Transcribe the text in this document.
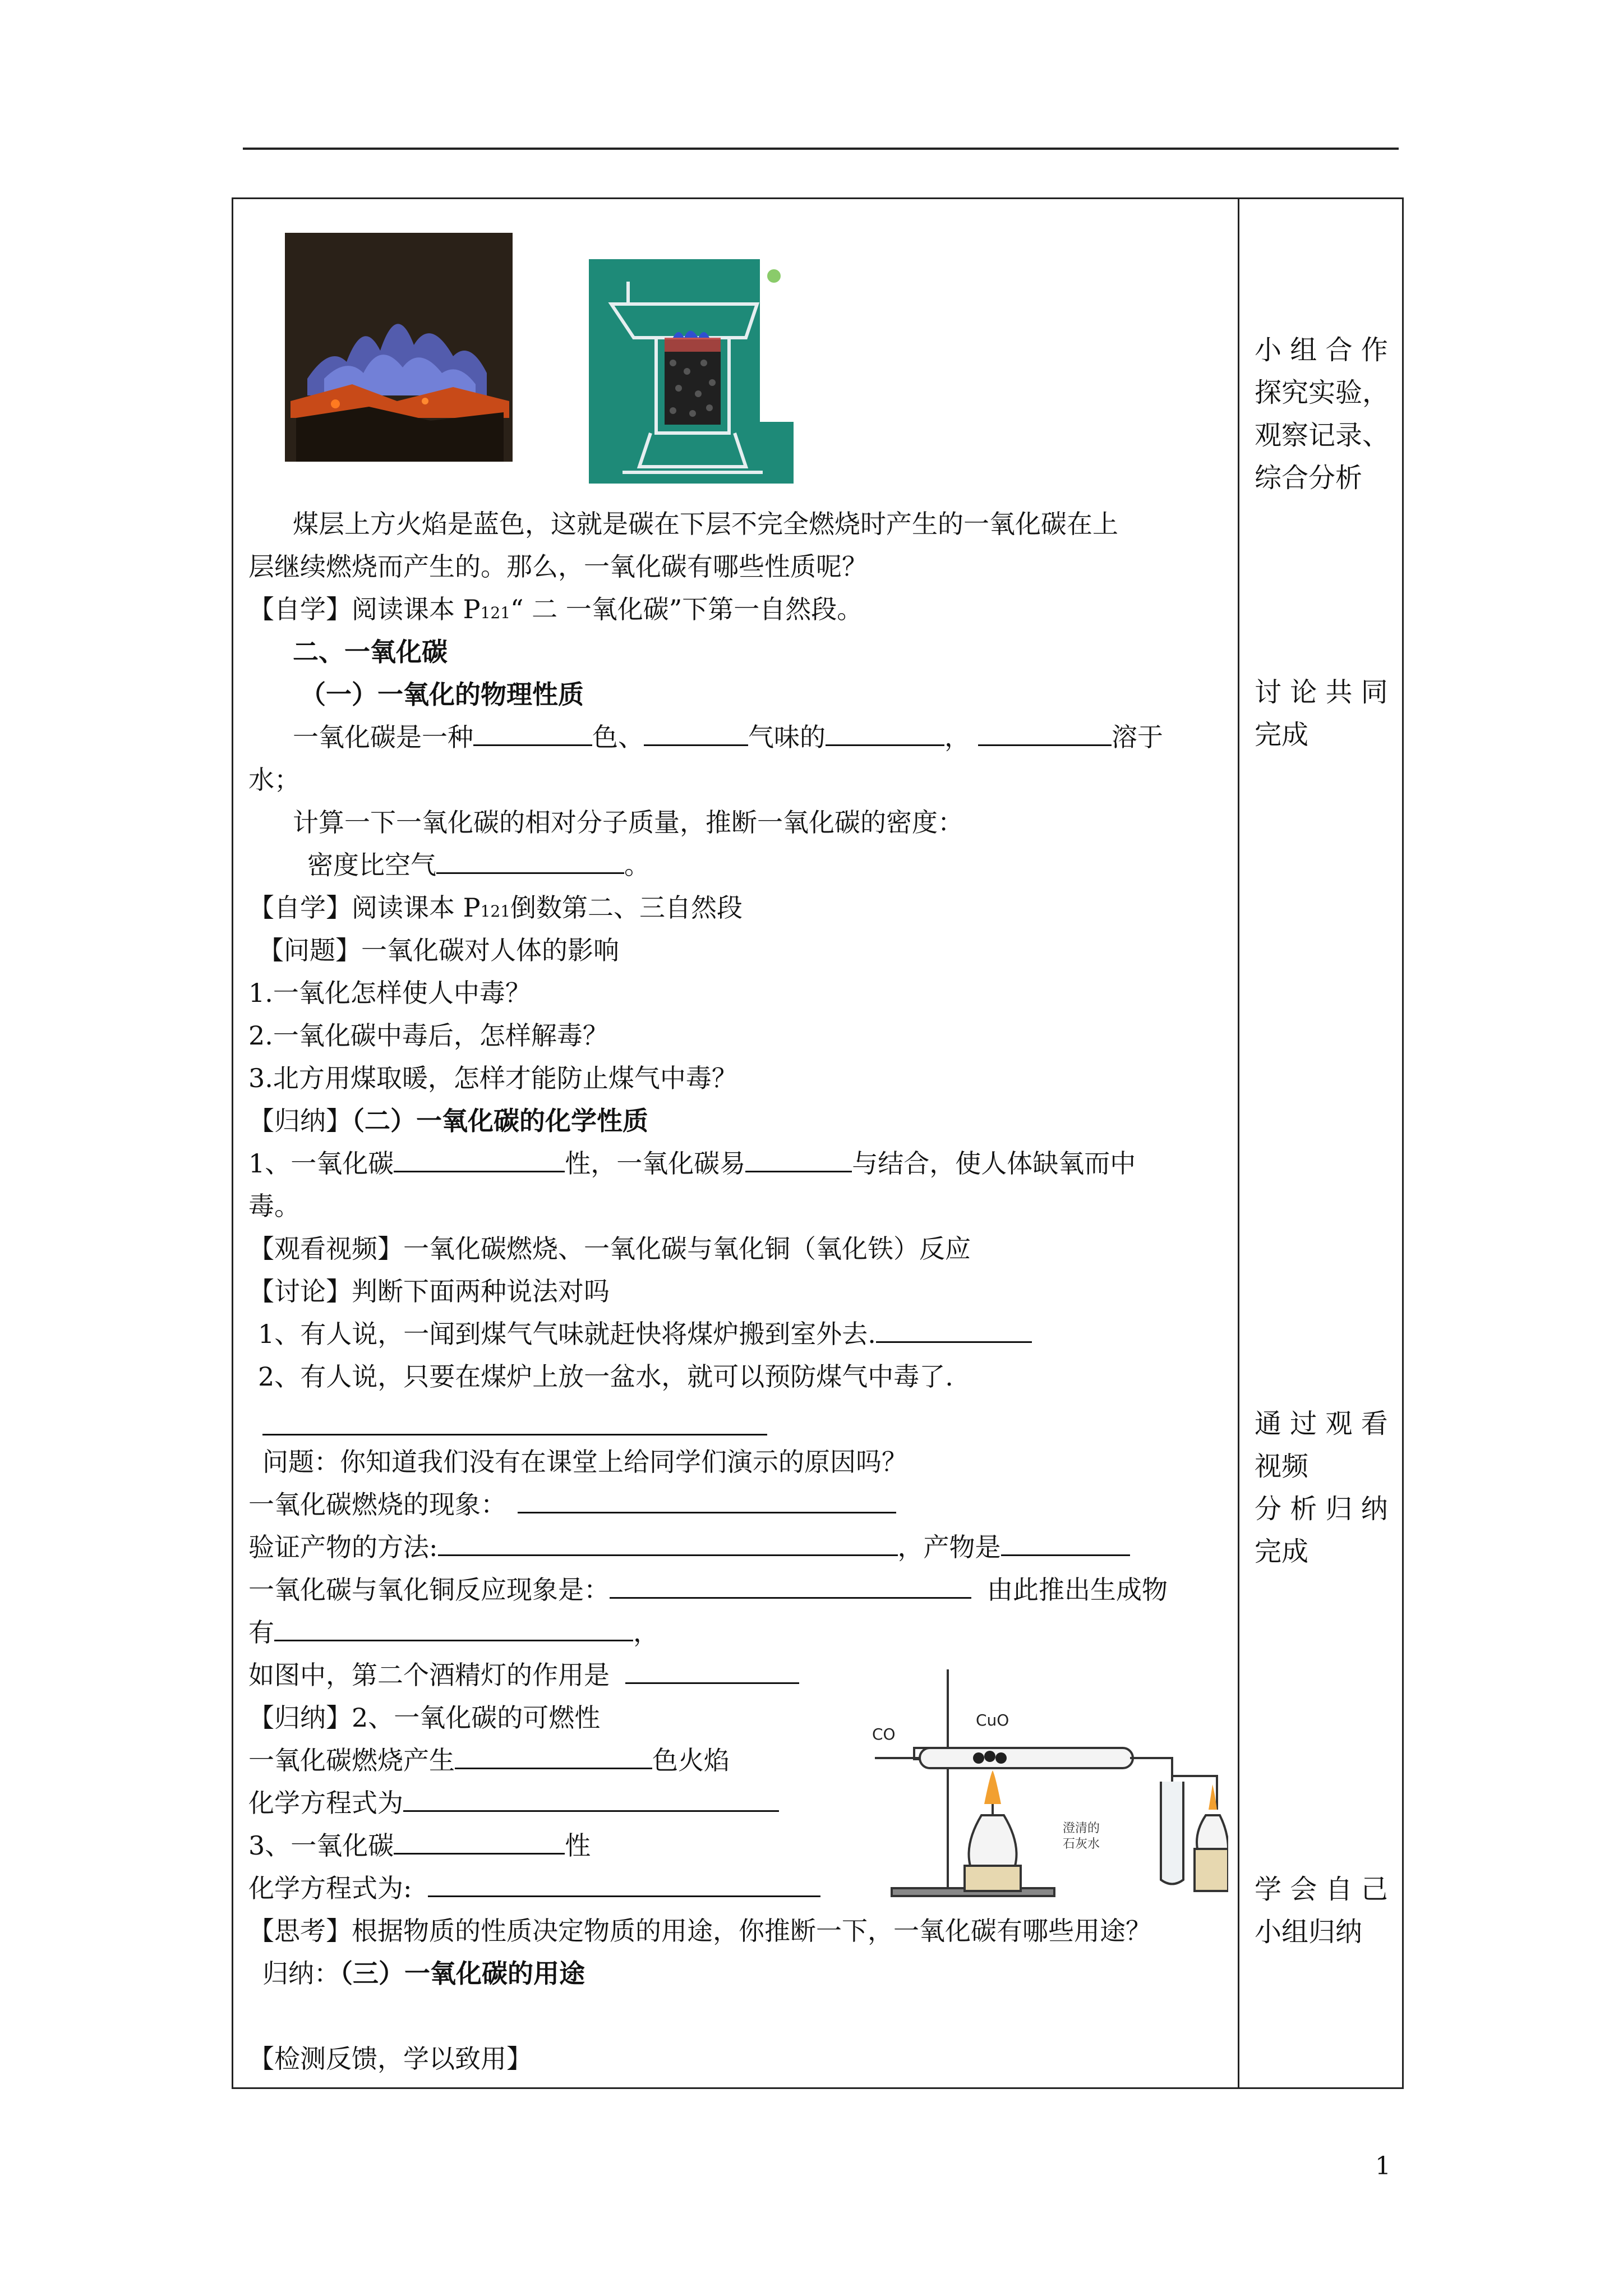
煤层上方火焰是蓝色，这就是碳在下层不完全燃烧时产生的一氧化碳在上
层继续燃烧而产生的。那么，一氧化碳有哪些性质呢？
【自学】阅读课本 P121“ 二 一氧化碳”下第一自然段。
二、一氧化碳
（一）一氧化的物理性质
一氧化碳是一种	色、	气味的	，	溶于
水；
计算一下一氧化碳的相对分子质量，推断一氧化碳的密度：
密度比空气	。
【自学】阅读课本 P121倒数第二、三自然段
【问题】一氧化碳对人体的影响
1.一氧化怎样使人中毒？
2.一氧化碳中毒后，怎样解毒？
3.北方用煤取暖，怎样才能防止煤气中毒？
【归纳】（二）一氧化碳的化学性质
1、一氧化碳	性，一氧化碳易	与结合，使人体缺氧而中
毒。
【观看视频】一氧化碳燃烧、一氧化碳与氧化铜（氧化铁）反应
【讨论】判断下面两种说法对吗
1、有人说，一闻到煤气气味就赶快将煤炉搬到室外去.
2、有人说，只要在煤炉上放一盆水，就可以预防煤气中毒了.
问题：你知道我们没有在课堂上给同学们演示的原因吗？
一氧化碳燃烧的现象：
验证产物的方法:	，产物是
一氧化碳与氧化铜反应现象是：	由此推出生成物
有	，
如图中，第二个酒精灯的作用是
【归纳】2、一氧化碳的可燃性
一氧化碳燃烧产生	色火焰
化学方程式为
3、一氧化碳	性
化学方程式为:
【思考】根据物质的性质决定物质的用途，你推断一下，一氧化碳有哪些用途？
归纳：（三）一氧化碳的用途
【检测反馈，学以致用】
CO
CuO
澄清的
石灰水
小 组 合 作
探究实验，
观察记录、
综合分析
讨 论 共 同
完成
通 过 观 看
视频
分 析 归 纳
完成
学 会 自 己
小组归纳
1
